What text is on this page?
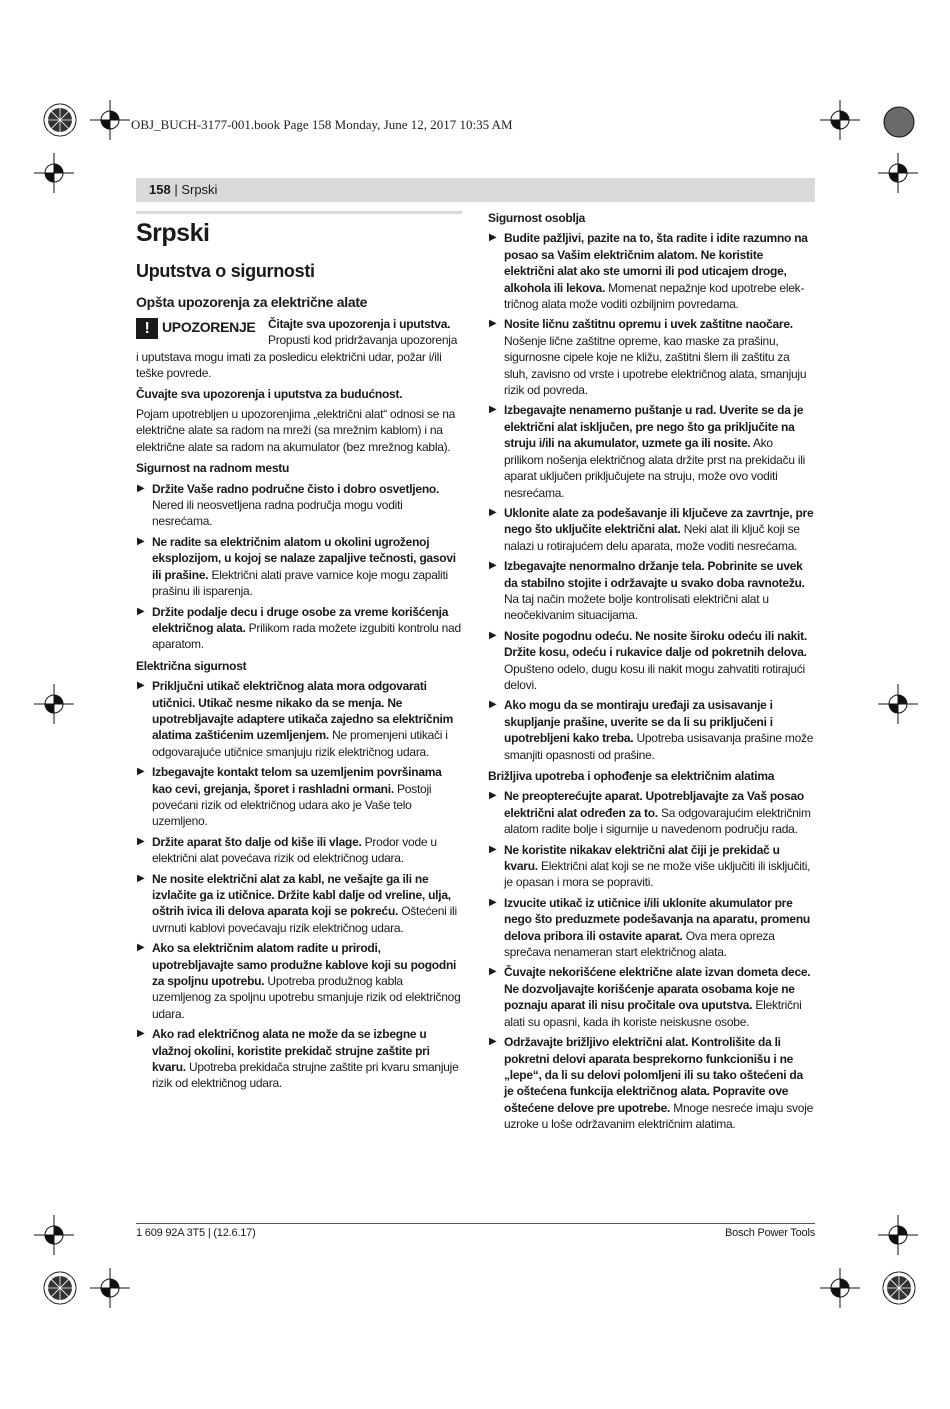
OBJ_BUCH-3177-001.book Page 158 Monday, June 12, 2017 10:35 AM
158 | Srpski

Srpski

Uputstva o sigurnosti

Opšta upozorenja za električne alate

! UPOZORENJE Čitajte sva upozorenja i uputstva. Propusti kod pridržavanja upozorenja i uputstava mogu imati za posledicu električni udar, požar i/ili teške povrede.

Čuvajte sva upozorenja i uputstva za budućnost.

Pojam upotrebljen u upozorenjima „električni alat“ odnosi se na električne alate sa radom na mreži (sa mrežnim kablom) i na električne alate sa radom na akumulator (bez mrežnog kabla).

Sigurnost na radnom mestu

▶ Držite Vaše radno područne čisto i dobro osvetljeno. Nered ili neosvetljena radna područja mogu voditi nesrećama.
▶ Ne radite sa električnim alatom u okolini ugroženoj eksplozijom, u kojoj se nalaze zapaljive tečnosti, gasovi ili prašine. Električni alati prave varnice koje mogu zapaliti prašinu ili isparenja.
▶ Držite podalje decu i druge osobe za vreme korišćenja električnog alata. Prilikom rada možete izgubiti kontrolu nad aparatom.

Električna sigurnost

▶ Priključni utikač električnog alata mora odgovarati utičnici. Utikač nesme nikako da se menja. Ne upotrebljavajte adaptere utikača zajedno sa električnim alatima zaštićenim uzemljenjem. Ne promenjeni utikači i odgovarajuće utičnice smanjuju rizik električnog udara.
▶ Izbegavajte kontakt telom sa uzemljenim površinama kao cevi, grejanja, šporet i rashladni ormani. Postoji povećani rizik od električnog udara ako je Vaše telo uzemljeno.
▶ Držite aparat što dalje od kiše ili vlage. Prodor vode u električni alat povećava rizik od električnog udara.
▶ Ne nosite električni alat za kabl, ne vešajte ga ili ne izvlačite ga iz utičnice. Držite kabl dalje od vreline, ulja, oštrih ivica ili delova aparata koji se pokreću. Oštećeni ili uvrnuti kablovi povećavaju rizik električnog udara.
▶ Ako sa električnim alatom radite u prirodi, upotrebljavajte samo produžne kablove koji su pogodni za spoljnu upotrebu. Upotreba produžnog kabla uzemljenog za spoljnu upotrebu smanjuje rizik od električnog udara.
▶ Ako rad električnog alata ne može da se izbegne u vlažnoj okolini, koristite prekidač strujne zaštite pri kvaru. Upotreba prekidača strujne zaštite pri kvaru smanjuje rizik od električnog udara.

Sigurnost osoblja

▶ Budite pažljivi, pazite na to, šta radite i idite razumno na posao sa Vašim električnim alatom. Ne koristite električni alat ako ste umorni ili pod uticajem droge, alkohola ili lekova. Momenat nepažnje kod upotrebe električnog alata može voditi ozbiljnim povredama.
▶ Nosite ličnu zaštitnu opremu i uvek zaštitne naočare. Nošenje lične zaštitne opreme, kao maske za prašinu, sigurnosne cipele koje ne kližu, zaštitni šlem ili zaštitu za sluh, zavisno od vrste i upotrebe električnog alata, smanjuju rizik od povreda.
▶ Izbegavajte nenamerno puštanje u rad. Uverite se da je električni alat isključen, pre nego što ga priključite na struju i/ili na akumulator, uzmete ga ili nosite. Ako prilikom nošenja električnog alata držite prst na prekidaču ili aparat uključen priključujete na struju, može ovo voditi nesrećama.
▶ Uklonite alate za podešavanje ili ključeve za zavrtnje, pre nego što uključite električni alat. Neki alat ili ključ koji se nalazi u rotirajućem delu aparata, može voditi nesrećama.
▶ Izbegavajte nenormalno držanje tela. Pobrinite se uvek da stabilno stojite i održavajte u svako doba ravnotežu. Na taj način možete bolje kontrolisati električni alat u neočekivanim situacijama.
▶ Nosite pogodnu odeću. Ne nosite široku odeću ili nakit. Držite kosu, odeću i rukavice dalje od pokretnih delova. Opušteno odelo, dugu kosu ili nakit mogu zahvatiti rotirajući delovi.
▶ Ako mogu da se montiraju uređaji za usisavanje i skupljanje prašine, uverite se da li su priključeni i upotrebljeni kako treba. Upotreba usisavanja prašine može smanjiti opasnosti od prašine.

Brižljiva upotreba i ophođenje sa električnim alatima

▶ Ne preopterećujte aparat. Upotrebljavajte za Vaš posao električni alat određen za to. Sa odgovarajućim električnim alatom radite bolje i sigurnije u navedenom području rada.
▶ Ne koristite nikakav električni alat čiji je prekidač u kvaru. Električni alat koji se ne može više uključiti ili isključiti, je opasan i mora se popraviti.
▶ Izvucite utikač iz utičnice i/ili uklonite akumulator pre nego što preduzmete podešavanja na aparatu, promenu delova pribora ili ostavite aparat. Ova mera opreza sprečava nenameran start električnog alata.
▶ Čuvajte nekorišćene električne alate izvan dometa dece. Ne dozvoljavajte korišćenje aparata osobama koje ne poznaju aparat ili nisu pročitale ova uputstva. Električni alati su opasni, kada ih koriste neiskusne osobe.
▶ Održavajte brižljivo električni alat. Kontrolišite da li pokretni delovi aparata besprekorno funkcionišu i ne „lepe“, da li su delovi polomljeni ili su tako oštećeni da je oštećena funkcija električnog alata. Popravite ove oštećene delove pre upotrebe. Mnoge nesreće imaju svoje uzroke u loše održavanim električnim alatima.
1 609 92A 3T5 | (12.6.17)	Bosch Power Tools
